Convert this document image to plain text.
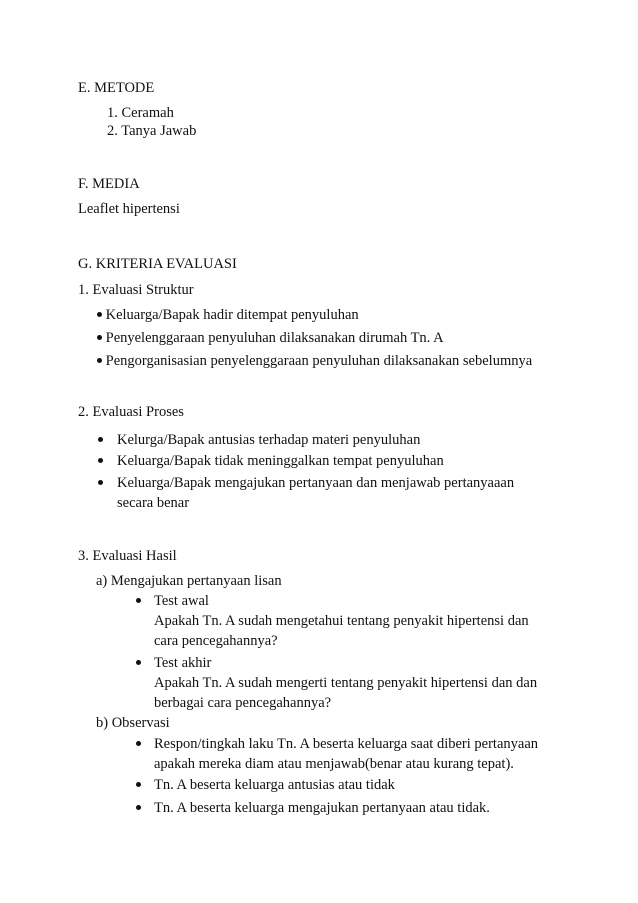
E. METODE
1. Ceramah
2. Tanya Jawab
F. MEDIA
Leaflet hipertensi
G. KRITERIA EVALUASI
1. Evaluasi Struktur
Keluarga/Bapak hadir ditempat penyuluhan
Penyelenggaraan penyuluhan dilaksanakan dirumah Tn. A
Pengorganisasian penyelenggaraan penyuluhan dilaksanakan sebelumnya
2. Evaluasi Proses
Kelurga/Bapak antusias terhadap materi penyuluhan
Keluarga/Bapak tidak meninggalkan tempat penyuluhan
Keluarga/Bapak mengajukan pertanyaan dan menjawab pertanyaaan
secara benar
3. Evaluasi Hasil
a) Mengajukan pertanyaan lisan
Test awal
Apakah Tn. A sudah mengetahui tentang penyakit hipertensi dan
cara pencegahannya?
Test akhir
Apakah Tn. A sudah mengerti tentang penyakit hipertensi dan dan
berbagai cara pencegahannya?
b) Observasi
Respon/tingkah laku Tn. A beserta keluarga saat diberi pertanyaan
apakah mereka diam atau menjawab(benar atau kurang tepat).
Tn. A beserta keluarga antusias atau tidak
Tn. A beserta keluarga mengajukan pertanyaan atau tidak.
